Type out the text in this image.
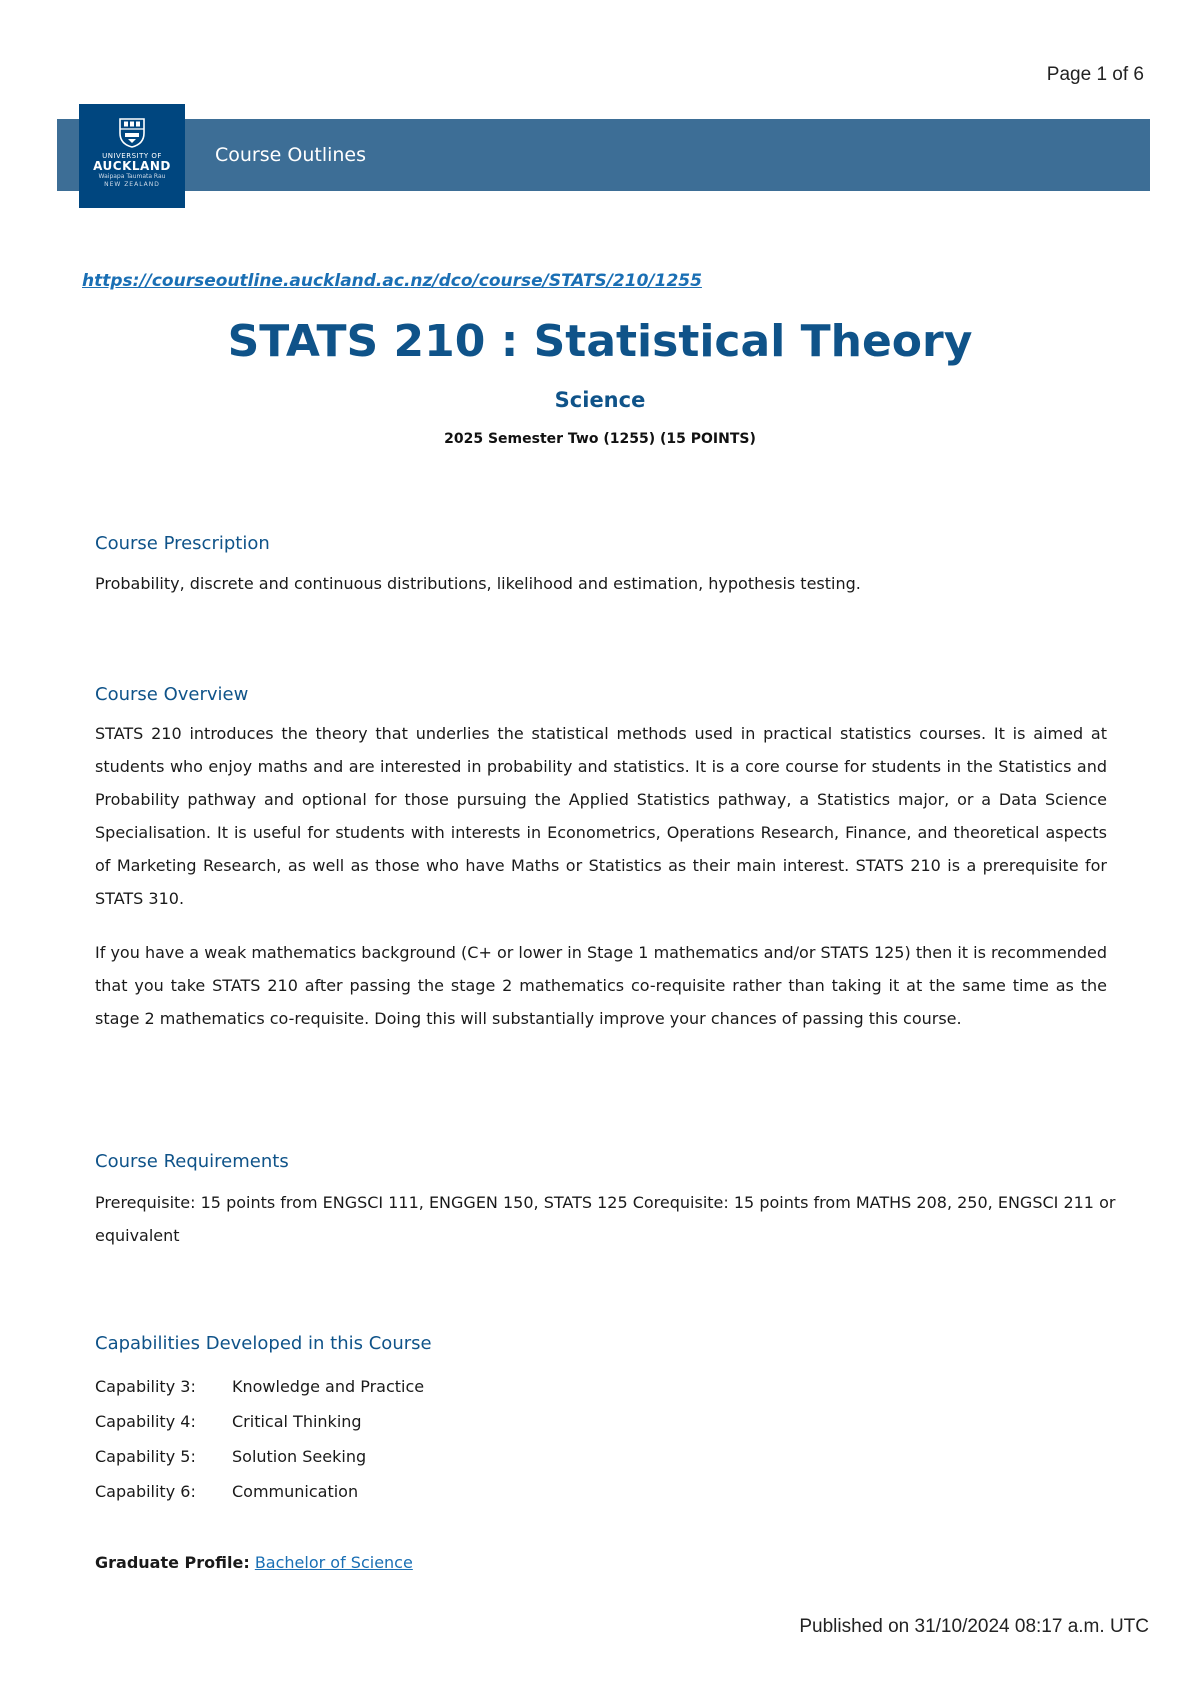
Page 1 of 6
Course Outlines
UNIVERSITY OF
AUCKLAND
Waipapa Taumata Rau
NEW ZEALAND
https://courseoutline.auckland.ac.nz/dco/course/STATS/210/1255
STATS 210 : Statistical Theory
Science
2025 Semester Two (1255) (15 POINTS)
Course Prescription

Probability, discrete and continuous distributions, likelihood and estimation, hypothesis testing.

Course Overview

STATS 210 introduces the theory that underlies the statistical methods used in practical statistics courses. It is aimed at students who enjoy maths and are interested in probability and statistics. It is a core course for students in the Statistics and Probability pathway and optional for those pursuing the Applied Statistics pathway, a Statistics major, or a Data Science Specialisation. It is useful for students with interests in Econometrics, Operations Research, Finance, and theoretical aspects of Marketing Research, as well as those who have Maths or Statistics as their main interest. STATS 210 is a prerequisite for STATS 310.

If you have a weak mathematics background (C+ or lower in Stage 1 mathematics and/or STATS 125) then it is recommended that you take STATS 210 after passing the stage 2 mathematics co-requisite rather than taking it at the same time as the stage 2 mathematics co-requisite. Doing this will substantially improve your chances of passing this course.

Course Requirements

Prerequisite: 15 points from ENGSCI 111, ENGGEN 150, STATS 125 Corequisite: 15 points from MATHS 208, 250, ENGSCI 211 or equivalent

Capabilities Developed in this Course
Capability 3:	Knowledge and Practice
Capability 4:	Critical Thinking
Capability 5:	Solution Seeking
Capability 6:	Communication
Graduate Profile: Bachelor of Science
Published on 31/10/2024 08:17 a.m. UTC
